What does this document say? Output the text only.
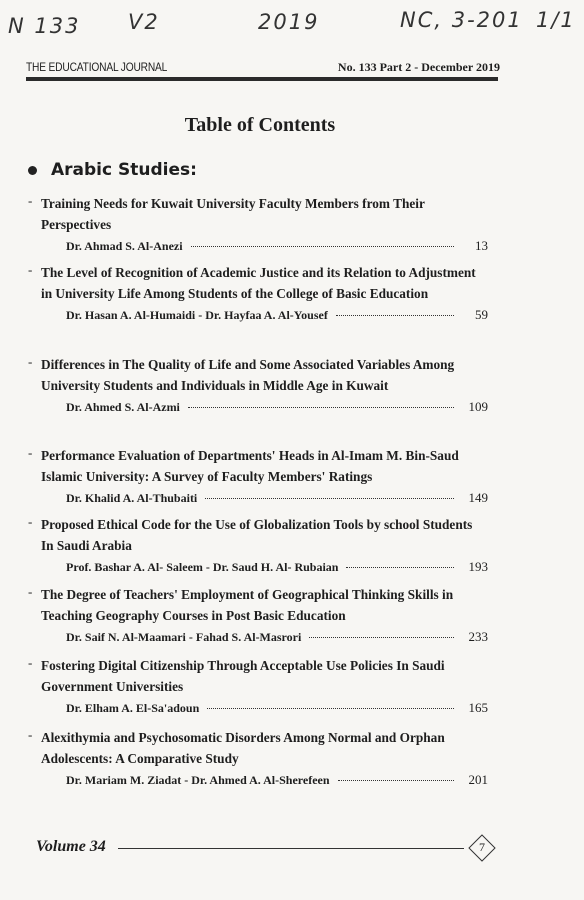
N 133 V2	2019	NC, 3-201 1/1
THE EDUCATIONAL JOURNAL	No. 133 Part 2 - December 2019
Table of Contents
Arabic Studies:
- Training Needs for Kuwait University Faculty Members from Their Perspectives
Dr. Ahmad S. Al-Anezi	13
- The Level of Recognition of Academic Justice and its Relation to Adjustment in University Life Among Students of the College of Basic Education
Dr. Hasan A. Al-Humaidi - Dr. Hayfaa A. Al-Yousef	59
- Differences in The Quality of Life and Some Associated Variables Among University Students and Individuals in Middle Age in Kuwait
Dr. Ahmed S. Al-Azmi	109
- Performance Evaluation of Departments' Heads in Al-Imam M. Bin-Saud Islamic University: A Survey of Faculty Members' Ratings
Dr. Khalid A. Al-Thubaiti	149
- Proposed Ethical Code for the Use of Globalization Tools by school Students In Saudi Arabia
Prof. Bashar A. Al- Saleem - Dr. Saud H. Al- Rubaian	193
- The Degree of Teachers' Employment of Geographical Thinking Skills in Teaching Geography Courses in Post Basic Education
Dr. Saif N. Al-Maamari - Fahad S. Al-Masrori	233
- Fostering Digital Citizenship Through Acceptable Use Policies In Saudi Government Universities
Dr. Elham A. El-Sa'adoun	165
- Alexithymia and Psychosomatic Disorders Among Normal and Orphan Adolescents: A Comparative Study
Dr. Mariam M. Ziadat - Dr. Ahmed A. Al-Sherefeen	201
Volume 34	7
